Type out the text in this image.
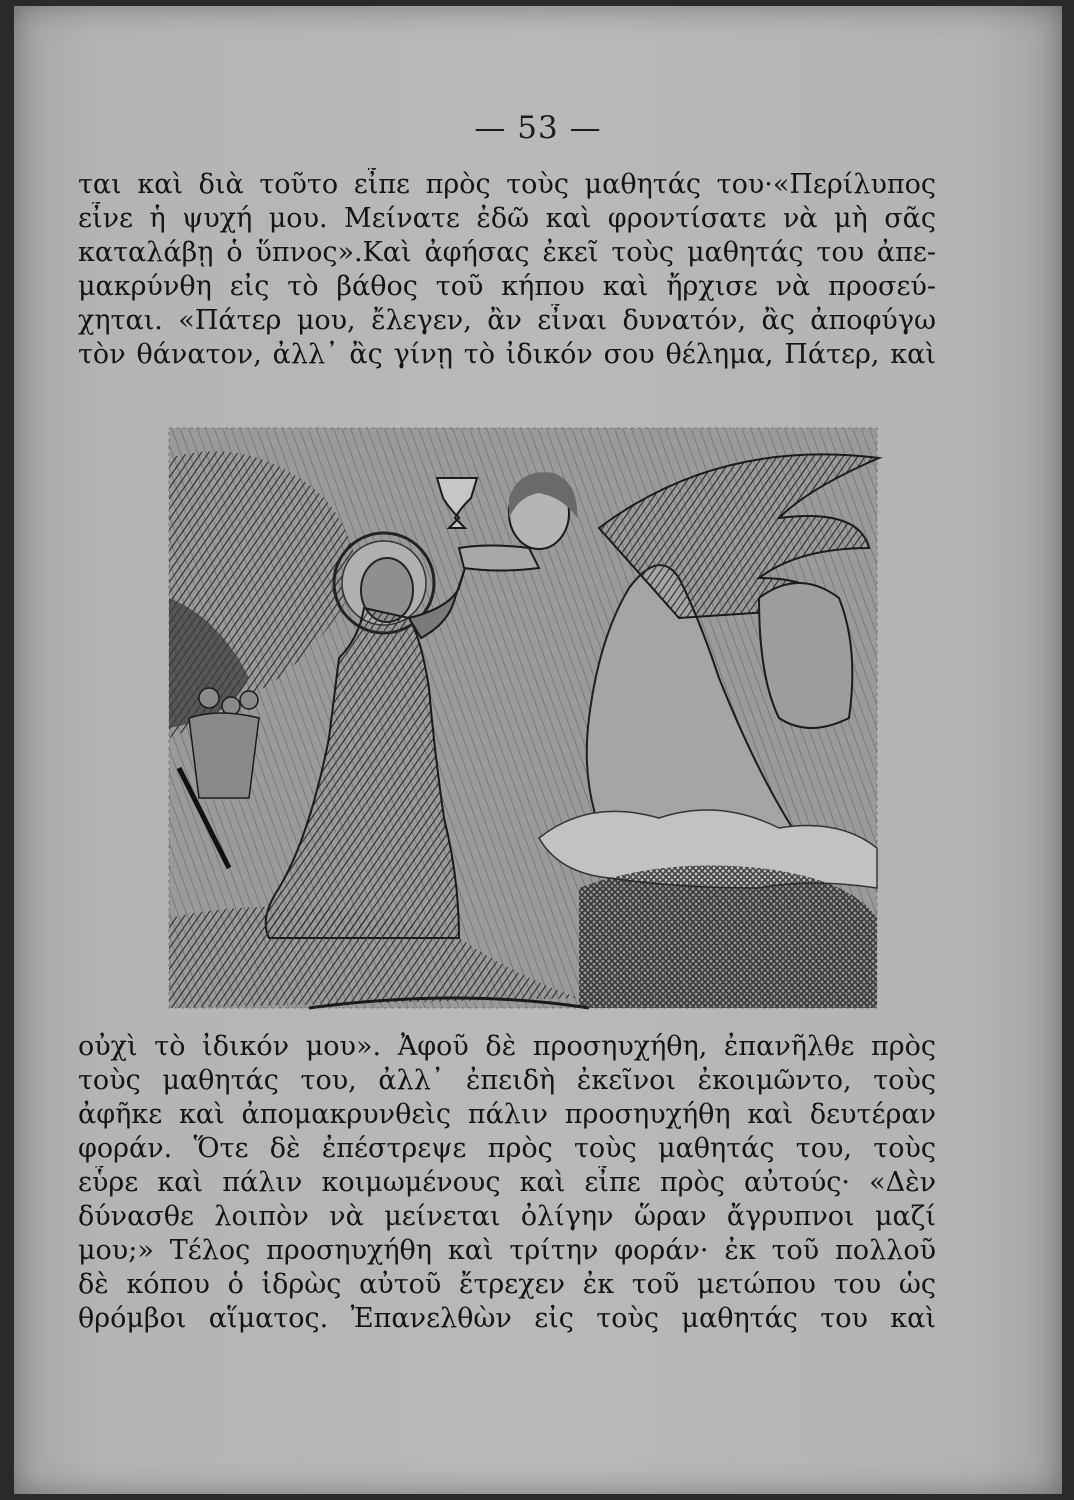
— 53 —
ται καὶ διὰ τοῦτο εἶπε πρὸς τοὺς μαθητάς του·«Περίλυπος
εἶνε ἡ ψυχή μου. Μείνατε ἐδῶ καὶ φροντίσατε νὰ μὴ σᾶς
καταλάβῃ ὁ ὕπνος».Καὶ ἀφήσας ἐκεῖ τοὺς μαθητάς του ἀπε-
μακρύνθη εἰς τὸ βάθος τοῦ κήπου καὶ ἤρχισε νὰ προσεύ-
χηται. «Πάτερ μου, ἔλεγεν, ἂν εἶναι δυνατόν, ἂς ἀποφύγω
τὸν θάνατον, ἀλλ᾽ ἂς γίνῃ τὸ ἰδικόν σου θέλημα, Πάτερ, καὶ
οὐχὶ τὸ ἰδικόν μου». Ἀφοῦ δὲ προσηυχήθη, ἐπανῆλθε πρὸς
τοὺς μαθητάς του, ἀλλ᾽ ἐπειδὴ ἐκεῖνοι ἐκοιμῶντο, τοὺς
ἀφῆκε καὶ ἀπομακρυνθεὶς πάλιν προσηυχήθη καὶ δευτέραν
φοράν. Ὅτε δὲ ἐπέστρεψε πρὸς τοὺς μαθητάς του, τοὺς
εὗρε καὶ πάλιν κοιμωμένους καὶ εἶπε πρὸς αὐτούς· «Δὲν
δύνασθε λοιπὸν νὰ μείνεται ὀλίγην ὥραν ἄγρυπνοι μαζί
μου;» Τέλος προσηυχήθη καὶ τρίτην φοράν· ἐκ τοῦ πολλοῦ
δὲ κόπου ὁ ἱδρὼς αὐτοῦ ἔτρεχεν ἐκ τοῦ μετώπου του ὡς
θρόμβοι αἵματος. Ἐπανελθὼν εἰς τοὺς μαθητάς του καὶ
